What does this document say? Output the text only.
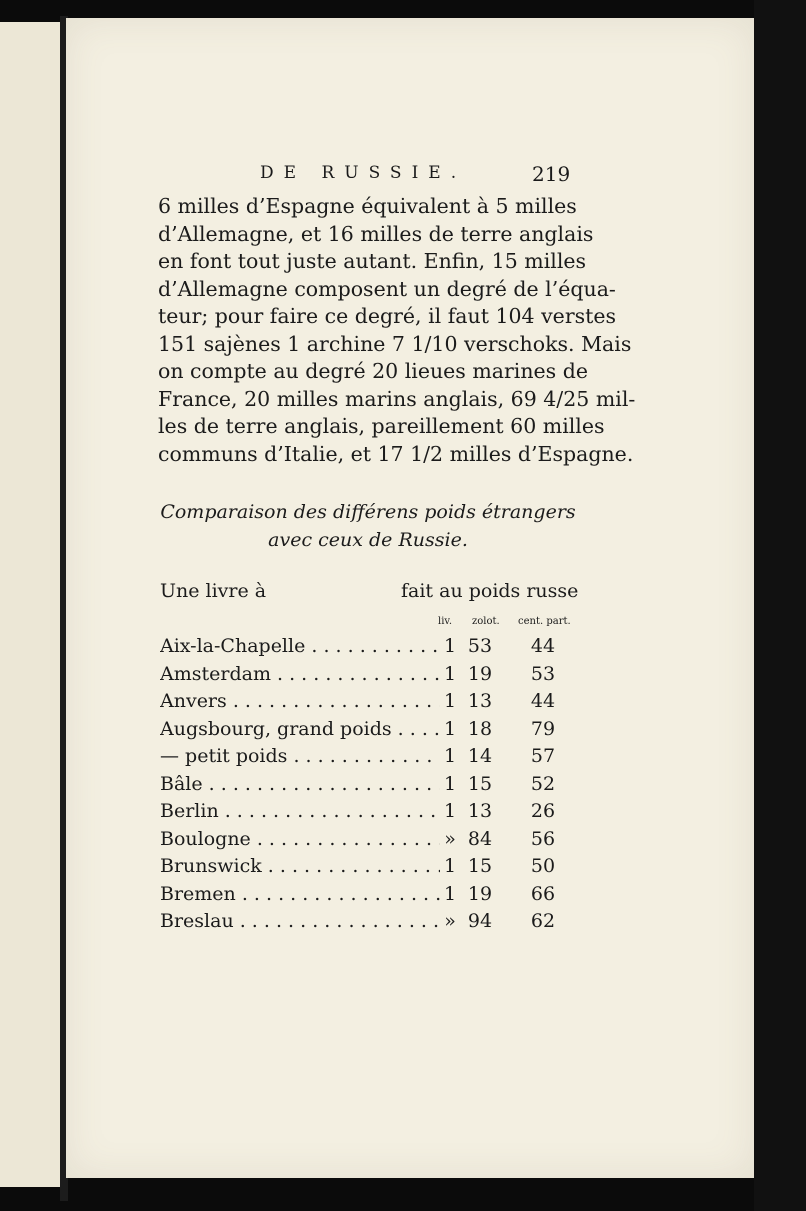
DE RUSSIE.	219
6 milles d’Espagne équivalent à 5 milles
d’Allemagne, et 16 milles de terre anglais
en font tout juste autant. Enfin, 15 milles
d’Allemagne composent un degré de l’équa-
teur; pour faire ce degré, il faut 104 verstes
151 sajènes 1 archine 7 1/10 verschoks. Mais
on compte au degré 20 lieues marines de
France, 20 milles marins anglais, 69 4/25 mil-
les de terre anglais, pareillement 60 milles
communs d’Italie, et 17 1/2 milles d’Espagne.
Comparaison des différens poids étrangers
avec ceux de Russie.
Une livre à	fait au poids russe
liv. zolot. cent. part.
Aix-la-Chapelle . . .	1 53 44
Amsterdam . . .	1 19 53
Anvers . . .	1 13 44
Augsbourg, grand poids . . .	1 18 79
— petit poids . . .	1 14 57
Bâle . . .	1 15 52
Berlin . . .	1 13 26
Boulogne . . .	» 84 56
Brunswick . . .	1 15 50
Bremen . . .	1 19 66
Breslau . . .	» 94 62
